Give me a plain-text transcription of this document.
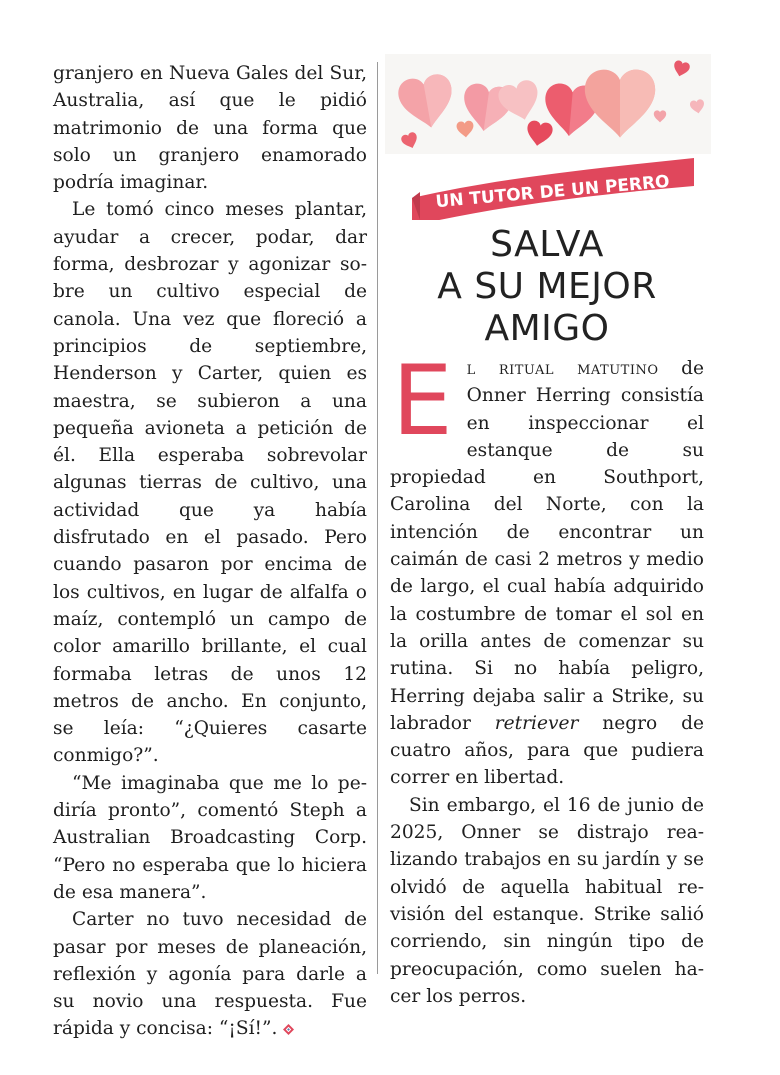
granjero en Nueva Gales del Sur, Australia, así que le pidió matrimonio de una forma que solo un granjero enamorado podría imaginar.

Le tomó cinco meses plantar, ayudar a crecer, podar, dar forma, desbrozar y agonizar sobre un cultivo especial de canola. Una vez que floreció a principios de septiembre, Henderson y Carter, quien es maestra, se subieron a una pequeña avioneta a petición de él. Ella esperaba sobrevolar algunas tierras de cultivo, una actividad que ya había disfrutado en el pasado. Pero cuando pasaron por encima de los cultivos, en lugar de alfalfa o maíz, contempló un campo de color amarillo brillante, el cual formaba letras de unos 12 metros de ancho. En conjunto, se leía: “¿Quieres casarte conmigo?”.

“Me imaginaba que me lo pediría pronto”, comentó Steph a Australian Broadcasting Corp. “Pero no esperaba que lo hiciera de esa manera”.

Carter no tuvo necesidad de pasar por meses de planeación, reflexión y agonía para darle a su novio una respuesta. Fue rápida y concisa: “¡Sí!”.

UN TUTOR DE UN PERRO
SALVA
A SU MEJOR
AMIGO

El ritual matutino de Onner Herring consistía en inspeccionar el estanque de su propiedad en Southport, Carolina del Norte, con la intención de encontrar un caimán de casi 2 metros y medio de largo, el cual había adquirido la costumbre de tomar el sol en la orilla antes de comenzar su rutina. Si no había peligro, Herring dejaba salir a Strike, su labrador retriever negro de cuatro años, para que pudiera correr en libertad.

Sin embargo, el 16 de junio de 2025, Onner se distrajo realizando trabajos en su jardín y se olvidó de aquella habitual revisión del estanque. Strike salió corriendo, sin ningún tipo de preocupación, como suelen hacer los perros.
